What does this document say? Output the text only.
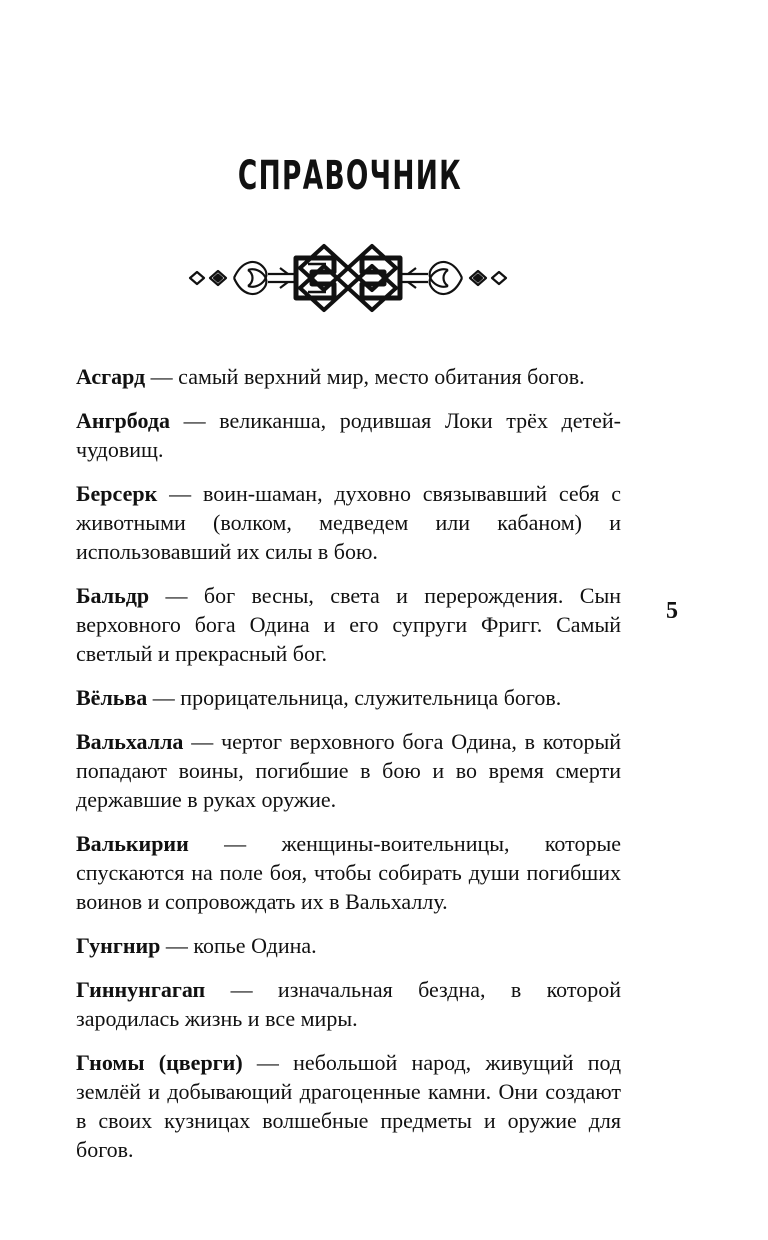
СПРАВОЧНИК

Асгард — самый верхний мир, место обитания богов.

Ангрбода — великанша, родившая Локи трёх детей-чудовищ.

Берсерк — воин-шаман, духовно связывавший себя с животными (волком, медведем или кабаном) и использовавший их силы в бою.

Бальдр — бог весны, света и перерождения. Сын верховного бога Одина и его супруги Фригг. Самый светлый и прекрасный бог.

Вёльва — прорицательница, служительница богов.

Вальхалла — чертог верховного бога Одина, в который попадают воины, погибшие в бою и во время смерти державшие в руках оружие.

Валькирии — женщины-воительницы, которые спускаются на поле боя, чтобы собирать души погибших воинов и сопровождать их в Вальхаллу.

Гунгнир — копье Одина.

Гиннунгагап — изначальная бездна, в которой зародилась жизнь и все миры.

Гномы (цверги) — небольшой народ, живущий под землёй и добывающий драгоценные камни. Они создают в своих кузницах волшебные предметы и оружие для богов.

5
